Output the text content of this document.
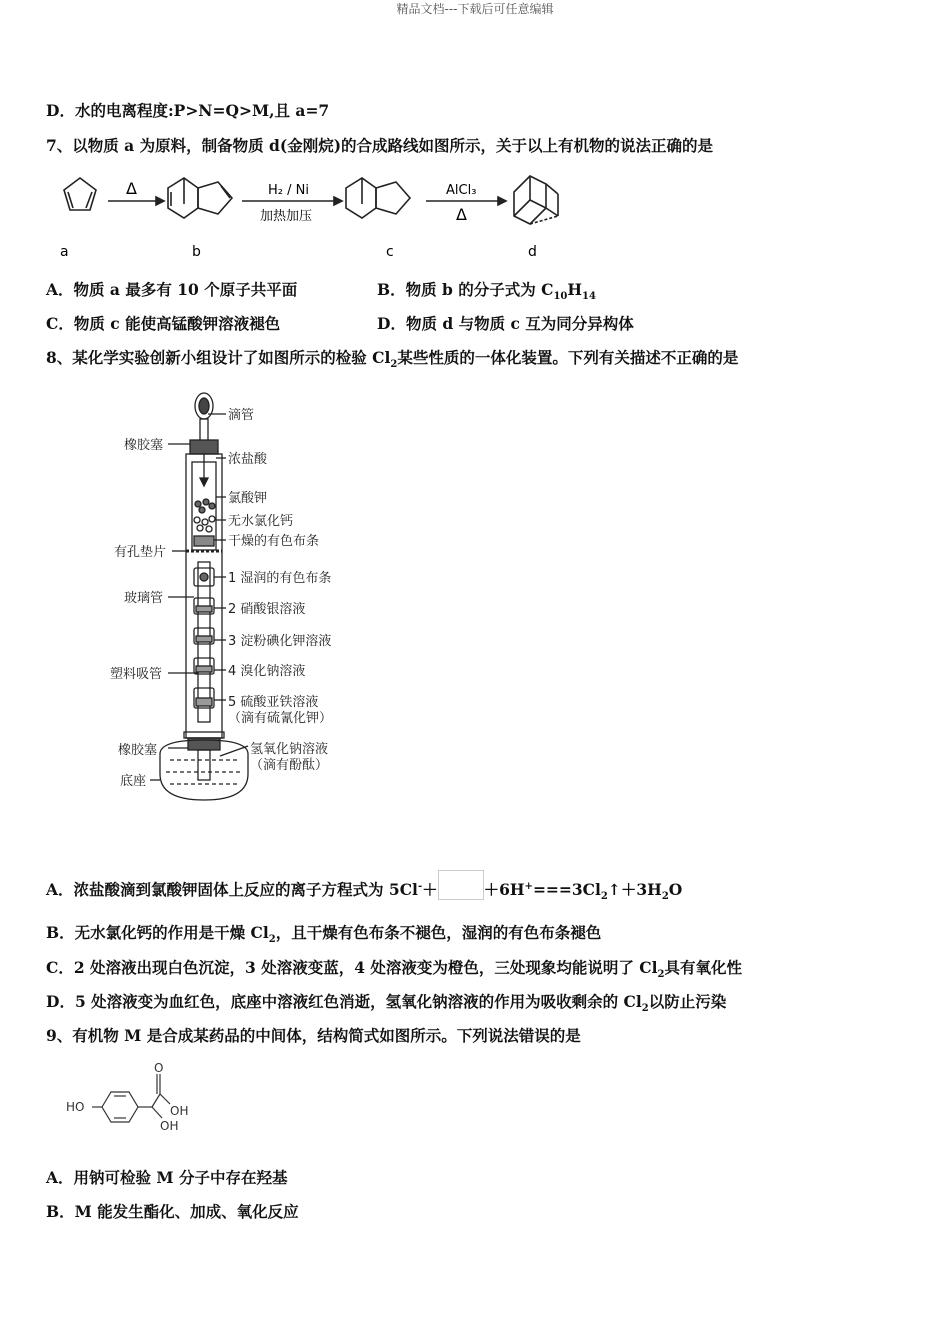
精品文档---下载后可任意编辑
D．水的电离程度:P>N=Q>M,且 a=7
7、以物质 a 为原料，制备物质 d(金刚烷)的合成路线如图所示，关于以上有机物的说法正确的是
Δ	H₂ / Ni
加热加压
AlCl₃
Δ
a	b	c	d
A．物质 a 最多有 10 个原子共平面	B．物质 b 的分子式为 $C_{10}H_{14}$
C．物质 c 能使高锰酸钾溶液褪色	D．物质 d 与物质 c 互为同分异构体
8、某化学实验创新小组设计了如图所示的检验 $Cl_2$某些性质的一体化装置。下列有关描述不正确的是
橡胶塞
有孔垫片
玻璃管
塑料吸管
橡胶塞
底座
滴管
浓盐酸
氯酸钾
无水氯化钙
干燥的有色布条
1 湿润的有色布条
2 硝酸银溶液
3 淀粉碘化钾溶液
4 溴化钠溶液
5 硫酸亚铁溶液
（滴有硫氰化钾）
氢氧化钠溶液
（滴有酚酞）
A．浓盐酸滴到氯酸钾固体上反应的离子方程式为 5Cl-＋	$+6H^+===3Cl_2↑+3H_2O$
B．无水氯化钙的作用是干燥 $Cl_2$，且干燥有色布条不褪色，湿润的有色布条褪色
C．2 处溶液出现白色沉淀，3 处溶液变蓝，4 处溶液变为橙色，三处现象均能说明了 $Cl_2$具有氧化性
D．5 处溶液变为血红色，底座中溶液红色消逝，氢氧化钠溶液的作用为吸收剩余的 $Cl_2$以防止污染
9、有机物 M 是合成某药品的中间体，结构简式如图所示。下列说法错误的是
HO
O
OH
OH
A．用钠可检验 M 分子中存在羟基
B．M 能发生酯化、加成、氧化反应
